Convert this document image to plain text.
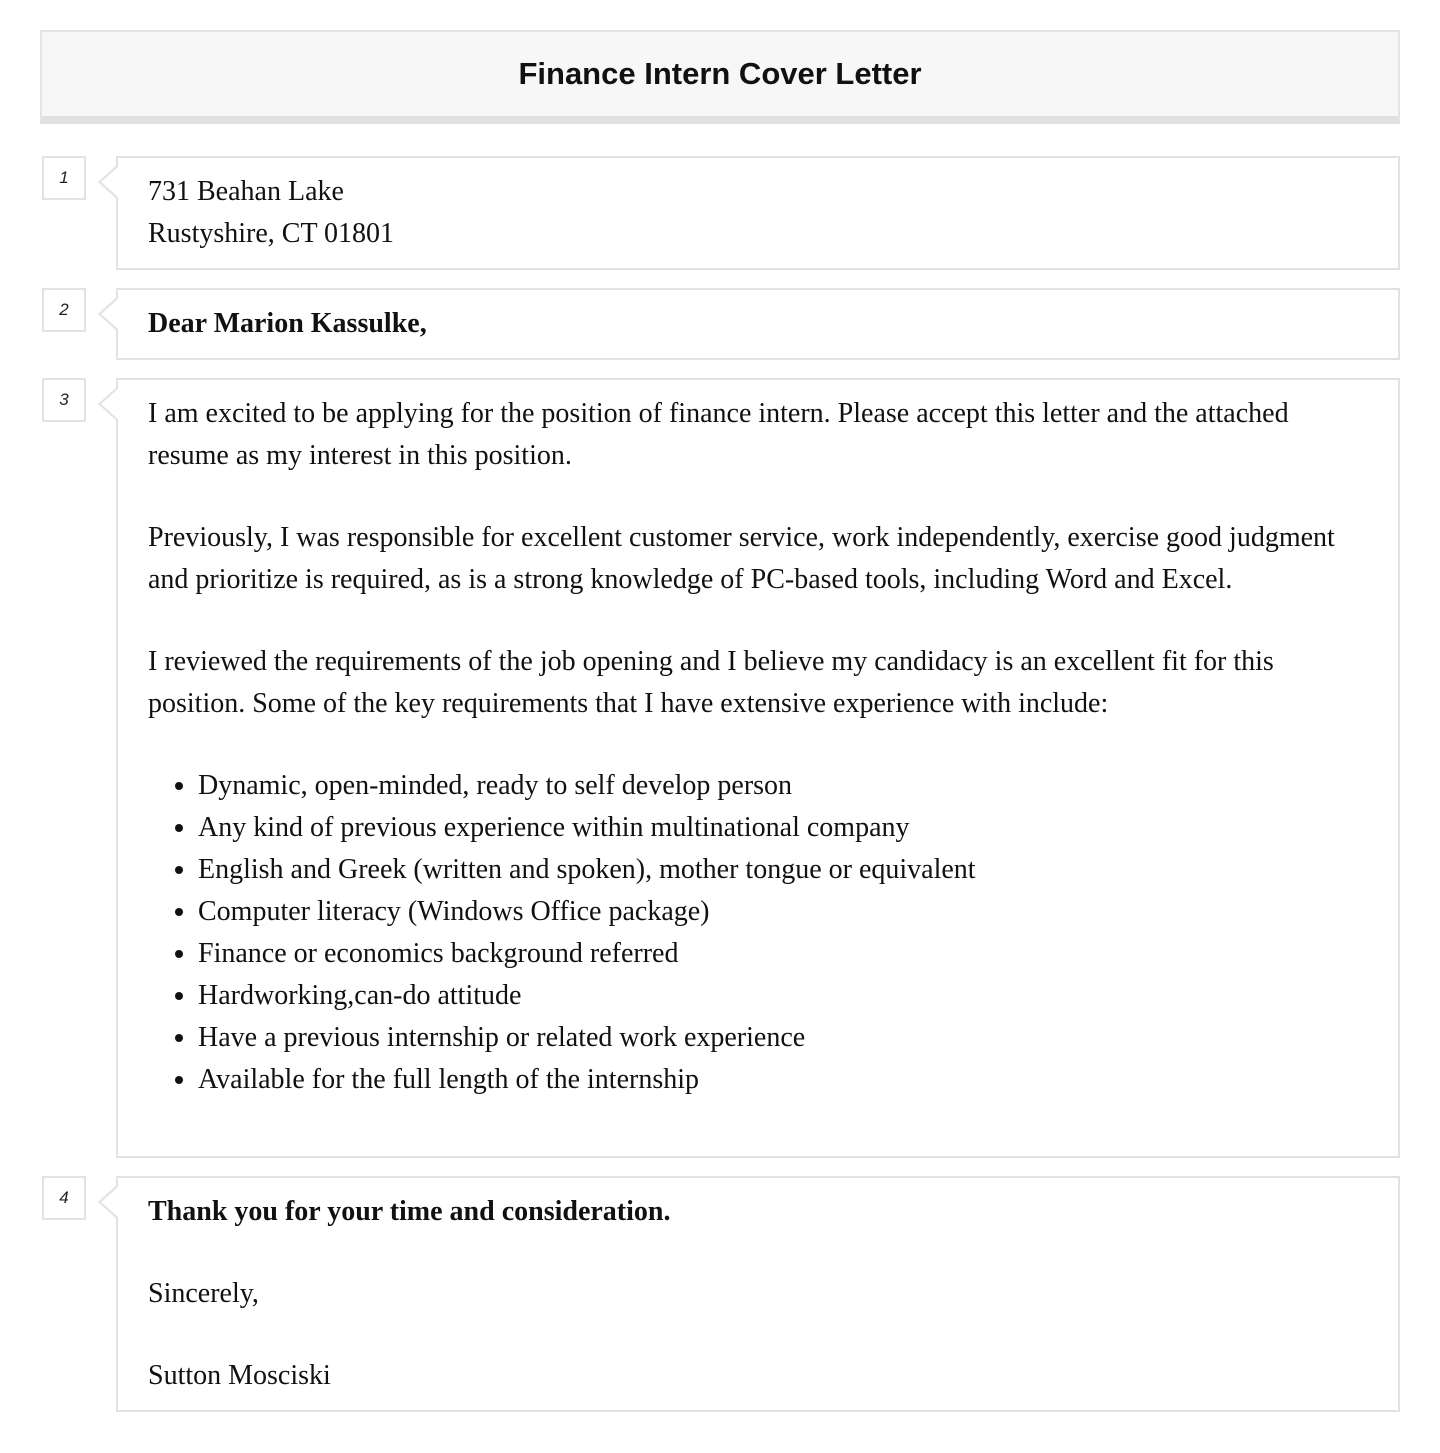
Finance Intern Cover Letter
1	731 Beahan Lake

Rustyshire, CT 01801

2	Dear Marion Kassulke,

3	I am excited to be applying for the position of finance intern. Please accept this letter and the attached resume as my interest in this position.

Previously, I was responsible for excellent customer service, work independently, exercise good judgment and prioritize is required, as is a strong knowledge of PC-based tools, including Word and Excel.

I reviewed the requirements of the job opening and I believe my candidacy is an excellent fit for this position. Some of the key requirements that I have extensive experience with include:

• Dynamic, open-minded, ready to self develop person
• Any kind of previous experience within multinational company
• English and Greek (written and spoken), mother tongue or equivalent
• Computer literacy (Windows Office package)
• Finance or economics background referred
• Hardworking,can-do attitude
• Have a previous internship or related work experience
• Available for the full length of the internship
4	Thank you for your time and consideration.

Sincerely,

Sutton Mosciski
